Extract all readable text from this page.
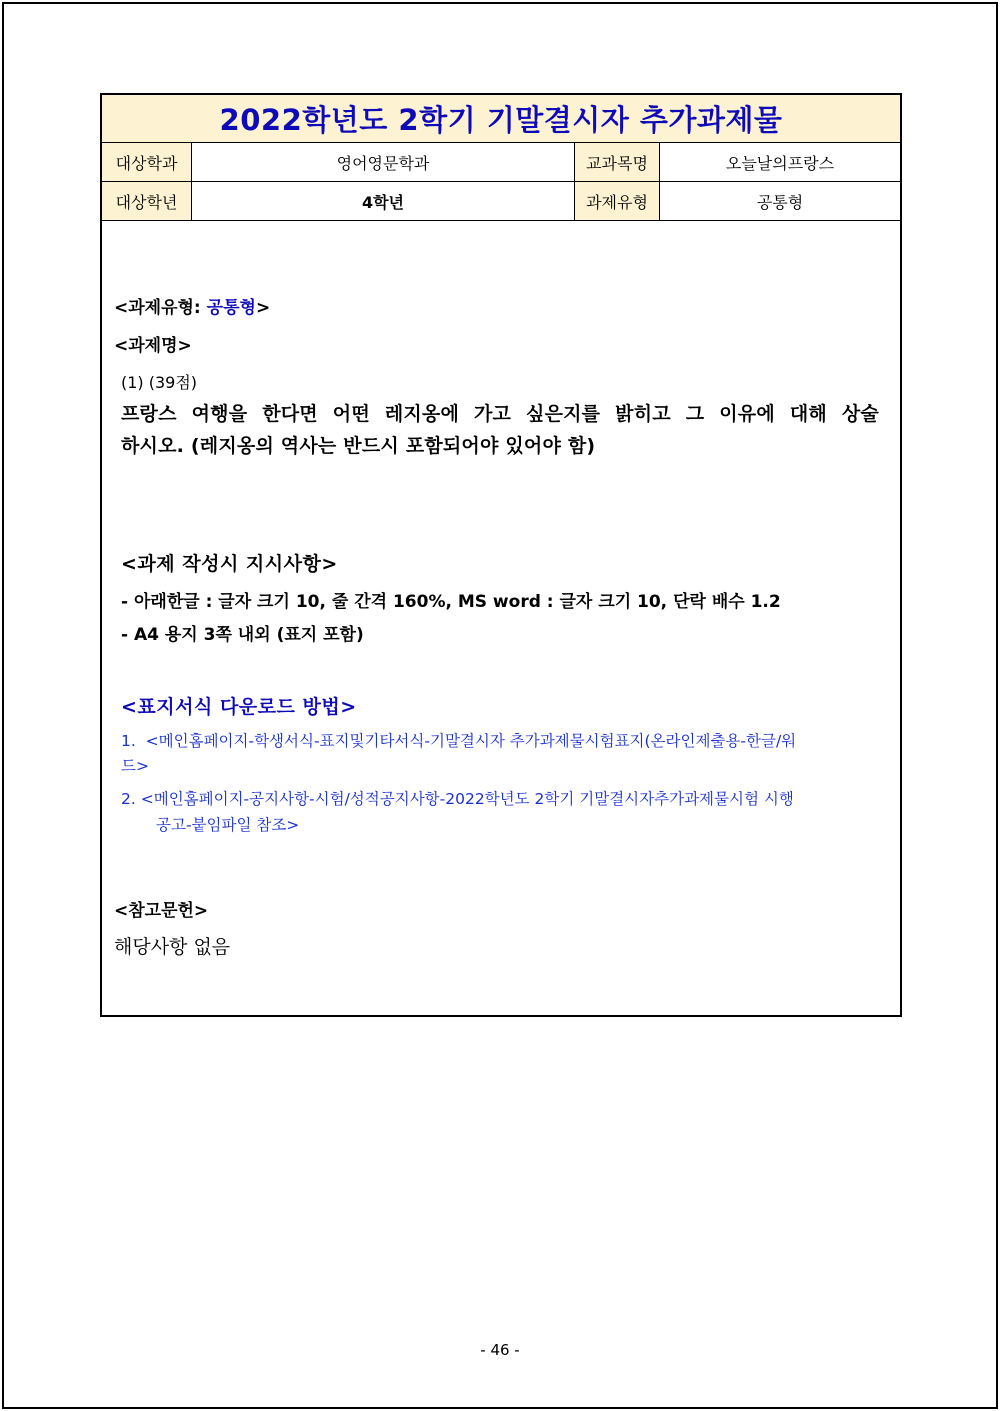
2022학년도 2학기 기말결시자 추가과제물
대상학과	영어영문학과	교과목명	오늘날의프랑스
대상학년	4학년	과제유형	공통형
<과제유형: 공통형>
<과제명>
(1) (39점)
프랑스 여행을 한다면 어떤 레지옹에 가고 싶은지를 밝히고 그 이유에 대해 상술
하시오. (레지옹의 역사는 반드시 포함되어야 있어야 함)
<과제 작성시 지시사항>
- 아래한글 : 글자 크기 10, 줄 간격 160%, MS word : 글자 크기 10, 단락 배수 1.2
- A4 용지 3쪽 내외 (표지 포함)
<표지서식 다운로드 방법>
1. <메인홈페이지-학생서식-표지및기타서식-기말결시자 추가과제물시험표지(온라인제출용-한글/워
드>
2. <메인홈페이지-공지사항-시험/성적공지사항-2022학년도 2학기 기말결시자추가과제물시험 시행
공고-붙임파일 참조>
<참고문헌>
해당사항 없음
- 46 -
